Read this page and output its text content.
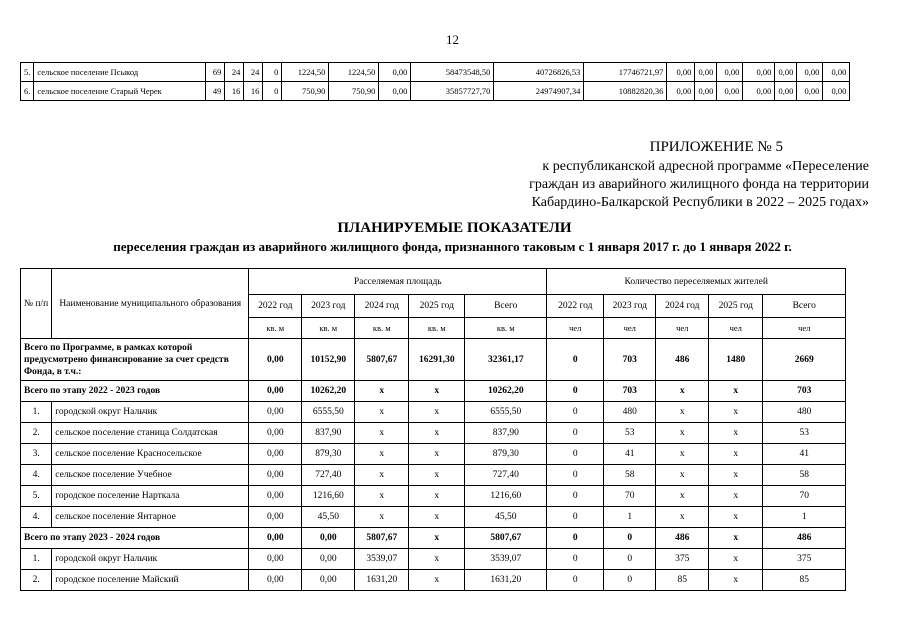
12
5.	сельское поселение Псыкод	69	24	24	0	1224,50	1224,50	0,00	58473548,50	40726826,53	17746721,97	0,00	0,00	0,00	0,00	0,00	0,00	0,00
6.	сельское поселение Старый Черек	49	16	16	0	750,90	750,90	0,00	35857727,70	24974907,34	10882820,36	0,00	0,00	0,00	0,00	0,00	0,00	0,00
ПРИЛОЖЕНИЕ № 5
к республиканской адресной программе «Переселение
граждан из аварийного жилищного фонда на территории
Кабардино-Балкарской Республики в 2022 – 2025 годах»
ПЛАНИРУЕМЫЕ ПОКАЗАТЕЛИ
переселения граждан из аварийного жилищного фонда, признанного таковым с 1 января 2017 г. до 1 января 2022 г.
№ п/п	Наименование муниципального образования	Расселяемая площадь					Количество переселяемых жителей				
		2022 год	2023 год	2024 год	2025 год	Всего	2022 год	2023 год	2024 год	2025 год	Всего
		кв. м	кв. м	кв. м	кв. м	кв. м	чел	чел	чел	чел	чел
Всего по Программе, в рамках которой предусмотрено финансирование за счет средств Фонда, в т.ч.:		0,00	10152,90	5807,67	16291,30	32361,17	0	703	486	1480	2669
Всего по этапу 2022 - 2023 годов		0,00	10262,20	x	x	10262,20	0	703	x	x	703
1.	городской округ Нальчик	0,00	6555,50	x	x	6555,50	0	480	x	x	480
2.	сельское поселение станица Солдатская	0,00	837,90	x	x	837,90	0	53	x	x	53
3.	сельское поселение Красносельское	0,00	879,30	x	x	879,30	0	41	x	x	41
4.	сельское поселение Учебное	0,00	727,40	x	x	727,40	0	58	x	x	58
5.	городское поселение Нарткала	0,00	1216,60	x	x	1216,60	0	70	x	x	70
4.	сельское поселение Янтарное	0,00	45,50	x	x	45,50	0	1	x	x	1
Всего по этапу 2023 - 2024 годов		0,00	0,00	5807,67	x	5807,67	0	0	486	x	486
1.	городской округ Нальчик	0,00	0,00	3539,07	x	3539,07	0	0	375	x	375
2.	городское поселение Майский	0,00	0,00	1631,20	x	1631,20	0	0	85	x	85
